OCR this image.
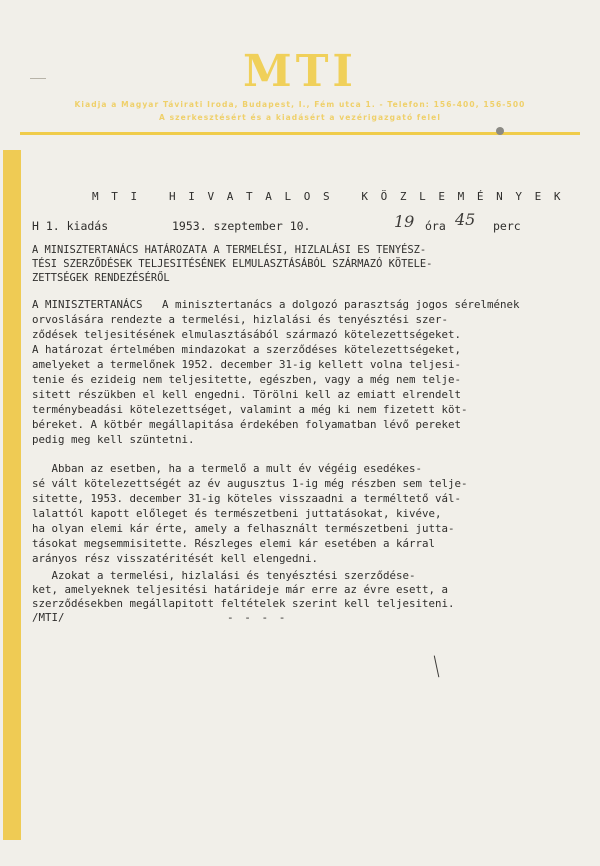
MTI
Kiadja a Magyar Távirati Iroda, Budapest, I., Fém utca 1. - Telefon: 156-400, 156-500
A szerkesztésért és a kiadásért a vezérigazgató felel
M T I   H I V A T A L O S   K Ö Z L E M É N Y E K
H 1. kiadás	1953. szeptember 10.	19 óra 45 perc
A MINISZTERTANÁCS HATÁROZATA A TERMELÉSI, HIZLALÁSI ES TENYÉSZ-
TÉSI SZERZŐDÉSEK TELJESITÉSÉNEK ELMULASZTÁSÁBÓL SZÁRMAZÓ KÖTELE-
ZETTSÉGEK RENDEZÉSÉRŐL
A MINISZTERTANÁCS   A minisztertanács a dolgozó parasztság jogos sérelmének
orvoslására rendezte a termelési, hizlalási és tenyésztési szer-
ződések teljesitésének elmulasztásából származó kötelezettségeket.
A határozat értelmében mindazokat a szerződéses kötelezettségeket,
amelyeket a termelőnek 1952. december 31-ig kellett volna teljesi-
tenie és ezideig nem teljesitette, egészben, vagy a még nem telje-
sitett részükben el kell engedni. Törölni kell az emiatt elrendelt
terménybeadási kötelezettséget, valamint a még ki nem fizetett köt-
béreket. A kötbér megállapitása érdekében folyamatban lévő pereket
pedig meg kell szüntetni.
Abban az esetben, ha a termelő a mult év végéig esedékes-
sé vált kötelezettségét az év augusztus 1-ig még részben sem telje-
sitette, 1953. december 31-ig köteles visszaadni a terméltető vál-
lalattól kapott előleget és természetbeni juttatásokat, kivéve,
ha olyan elemi kár érte, amely a felhasznált természetbeni jutta-
tásokat megsemmisitette. Részleges elemi kár esetében a kárral
arányos rész visszatéritését kell elengedni.
Azokat a termelési, hizlalási és tenyésztési szerződése-
ket, amelyeknek teljesitési határideje már erre az évre esett, a
szerződésekben megállapitott feltételek szerint kell teljesiteni.
/MTI/	- - - -
